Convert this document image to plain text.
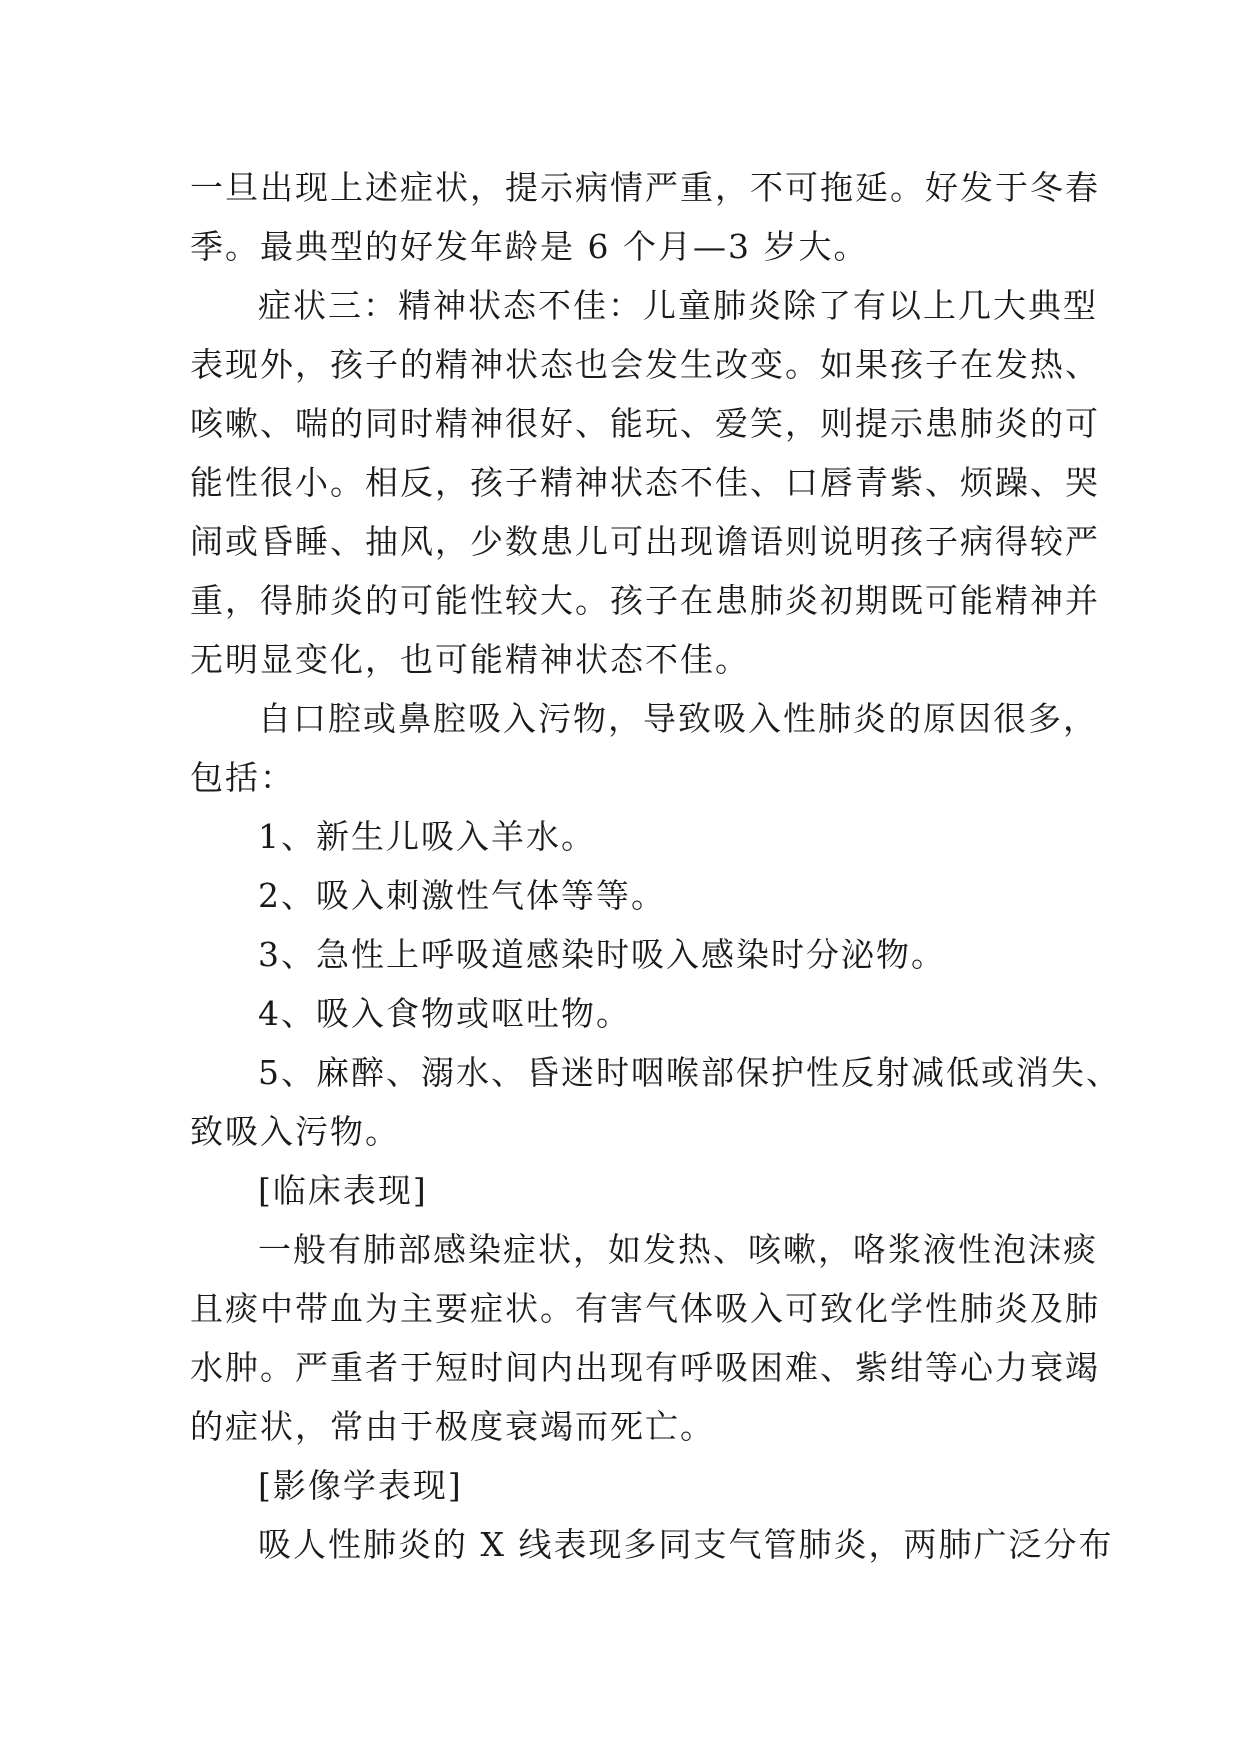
一旦出现上述症状，提示病情严重，不可拖延。好发于冬春
季。最典型的好发年龄是 6 个月—3 岁大。
症状三：精神状态不佳：儿童肺炎除了有以上几大典型
表现外，孩子的精神状态也会发生改变。如果孩子在发热、
咳嗽、喘的同时精神很好、能玩、爱笑，则提示患肺炎的可
能性很小。相反，孩子精神状态不佳、口唇青紫、烦躁、哭
闹或昏睡、抽风，少数患儿可出现谵语则说明孩子病得较严
重，得肺炎的可能性较大。孩子在患肺炎初期既可能精神并
无明显变化，也可能精神状态不佳。
自口腔或鼻腔吸入污物，导致吸入性肺炎的原因很多，
包括：
1、新生儿吸入羊水。
2、吸入刺激性气体等等。
3、急性上呼吸道感染时吸入感染时分泌物。
4、吸入食物或呕吐物。
5、麻醉、溺水、昏迷时咽喉部保护性反射减低或消失、
致吸入污物。
[临床表现]
一般有肺部感染症状，如发热、咳嗽，咯浆液性泡沫痰
且痰中带血为主要症状。有害气体吸入可致化学性肺炎及肺
水肿。严重者于短时间内出现有呼吸困难、紫绀等心力衰竭
的症状，常由于极度衰竭而死亡。
[影像学表现]
吸人性肺炎的 X 线表现多同支气管肺炎，两肺广泛分布
